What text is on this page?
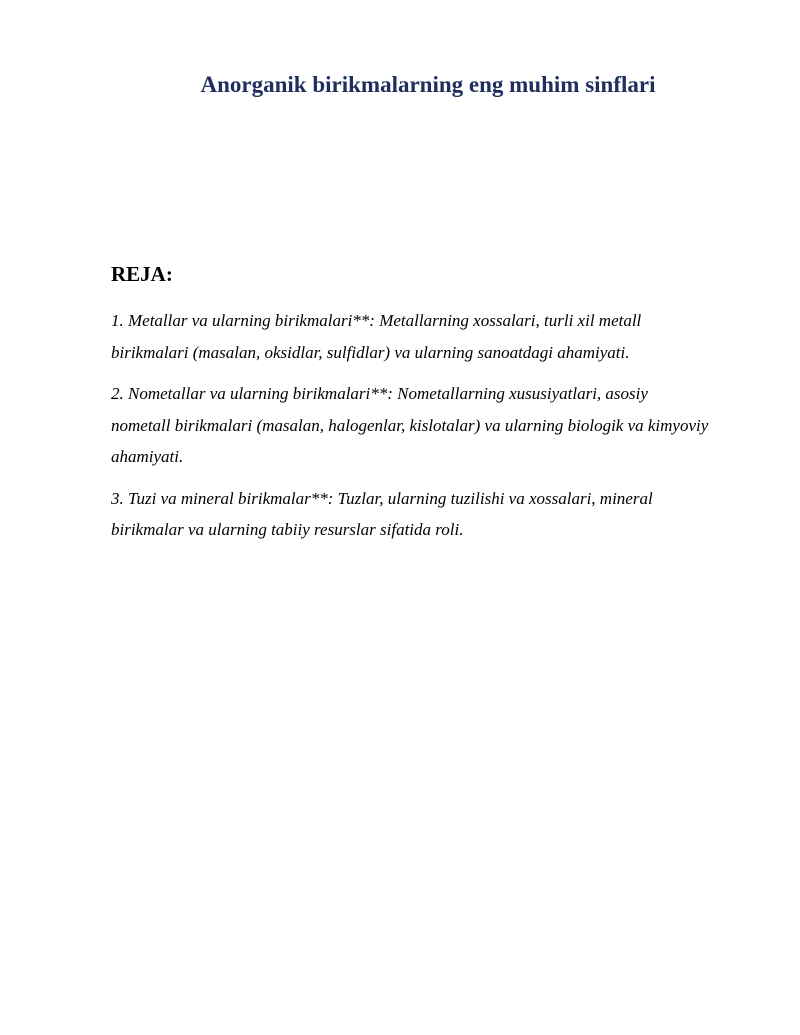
Anorganik birikmalarning eng muhim sinflari
REJA:

1. Metallar va ularning birikmalari**: Metallarning xossalari, turli xil metall birikmalari (masalan, oksidlar, sulfidlar) va ularning sanoatdagi ahamiyati.

2. Nometallar va ularning birikmalari**: Nometallarning xususiyatlari, asosiy nometall birikmalari (masalan, halogenlar, kislotalar) va ularning biologik va kimyoviy ahamiyati.

3. Tuzi va mineral birikmalar**: Tuzlar, ularning tuzilishi va xossalari, mineral birikmalar va ularning tabiiy resurslar sifatida roli.
